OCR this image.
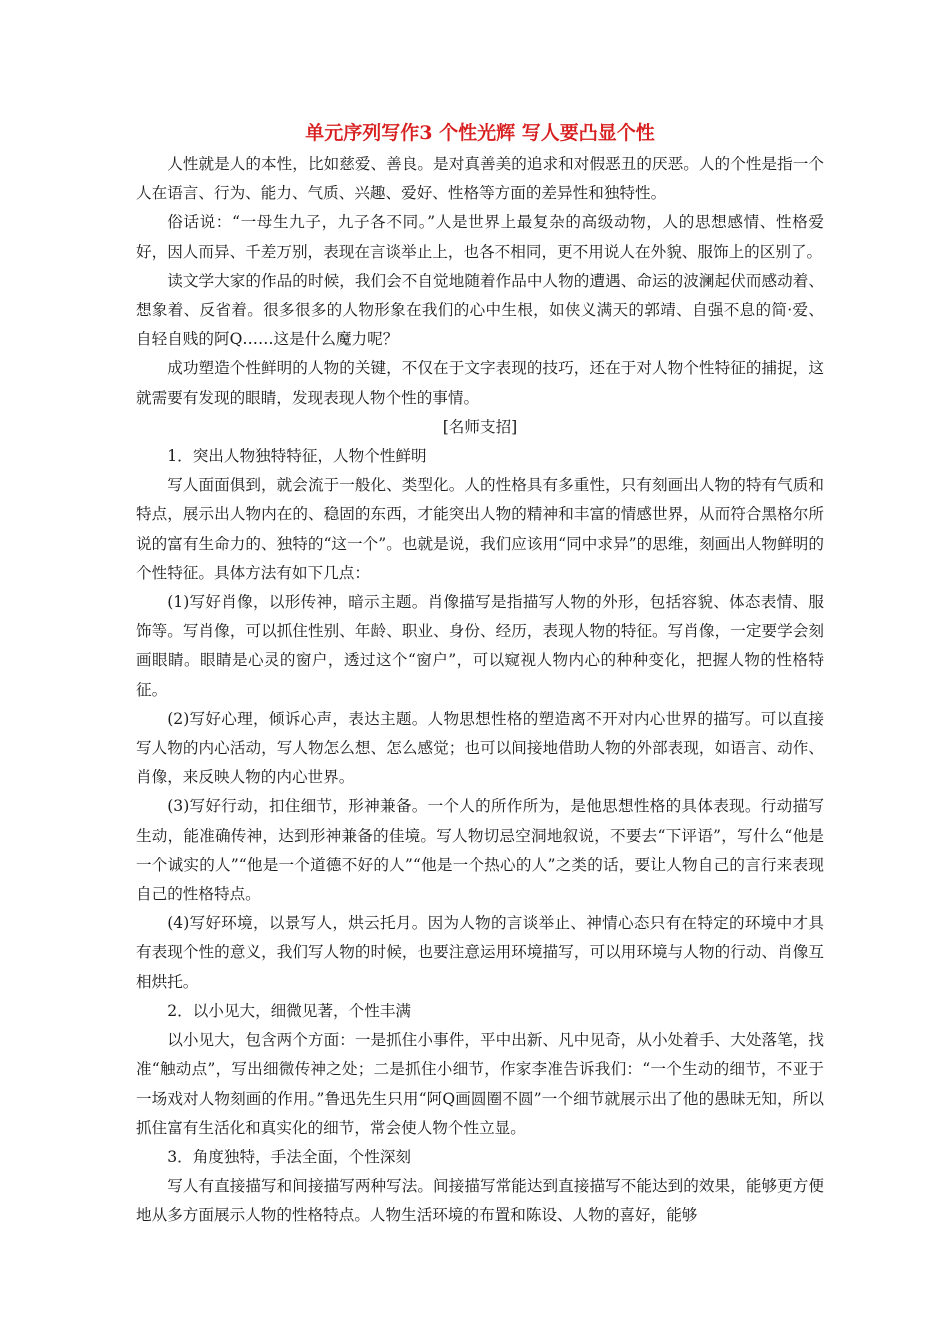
单元序列写作3 个性光辉 写人要凸显个性

人性就是人的本性，比如慈爱、善良。是对真善美的追求和对假恶丑的厌恶。人的个性是指一个人在语言、行为、能力、气质、兴趣、爱好、性格等方面的差异性和独特性。

俗话说：“一母生九子，九子各不同。”人是世界上最复杂的高级动物，人的思想感情、性格爱好，因人而异、千差万别，表现在言谈举止上，也各不相同，更不用说人在外貌、服饰上的区别了。

读文学大家的作品的时候，我们会不自觉地随着作品中人物的遭遇、命运的波澜起伏而感动着、想象着、反省着。很多很多的人物形象在我们的心中生根，如侠义满天的郭靖、自强不息的简·爱、自轻自贱的阿Q……这是什么魔力呢？

成功塑造个性鲜明的人物的关键，不仅在于文字表现的技巧，还在于对人物个性特征的捕捉，这就需要有发现的眼睛，发现表现人物个性的事情。

[名师支招]

1．突出人物独特特征，人物个性鲜明

写人面面俱到，就会流于一般化、类型化。人的性格具有多重性，只有刻画出人物的特有气质和特点，展示出人物内在的、稳固的东西，才能突出人物的精神和丰富的情感世界，从而符合黑格尔所说的富有生命力的、独特的“这一个”。也就是说，我们应该用“同中求异”的思维，刻画出人物鲜明的个性特征。具体方法有如下几点：

(1)写好肖像，以形传神，暗示主题。肖像描写是指描写人物的外形，包括容貌、体态表情、服饰等。写肖像，可以抓住性别、年龄、职业、身份、经历，表现人物的特征。写肖像，一定要学会刻画眼睛。眼睛是心灵的窗户，透过这个“窗户”，可以窥视人物内心的种种变化，把握人物的性格特征。

(2)写好心理，倾诉心声，表达主题。人物思想性格的塑造离不开对内心世界的描写。可以直接写人物的内心活动，写人物怎么想、怎么感觉；也可以间接地借助人物的外部表现，如语言、动作、肖像，来反映人物的内心世界。

(3)写好行动，扣住细节，形神兼备。一个人的所作所为，是他思想性格的具体表现。行动描写生动，能准确传神，达到形神兼备的佳境。写人物切忌空洞地叙说，不要去“下评语”，写什么“他是一个诚实的人”“他是一个道德不好的人”“他是一个热心的人”之类的话，要让人物自己的言行来表现自己的性格特点。

(4)写好环境，以景写人，烘云托月。因为人物的言谈举止、神情心态只有在特定的环境中才具有表现个性的意义，我们写人物的时候，也要注意运用环境描写，可以用环境与人物的行动、肖像互相烘托。

2．以小见大，细微见著，个性丰满

以小见大，包含两个方面：一是抓住小事件，平中出新、凡中见奇，从小处着手、大处落笔，找准“触动点”，写出细微传神之处；二是抓住小细节，作家李准告诉我们：“一个生动的细节，不亚于一场戏对人物刻画的作用。”鲁迅先生只用“阿Q画圆圈不圆”一个细节就展示出了他的愚昧无知，所以抓住富有生活化和真实化的细节，常会使人物个性立显。

3．角度独特，手法全面，个性深刻

写人有直接描写和间接描写两种写法。间接描写常能达到直接描写不能达到的效果，能够更方便地从多方面展示人物的性格特点。人物生活环境的布置和陈设、人物的喜好，能够
